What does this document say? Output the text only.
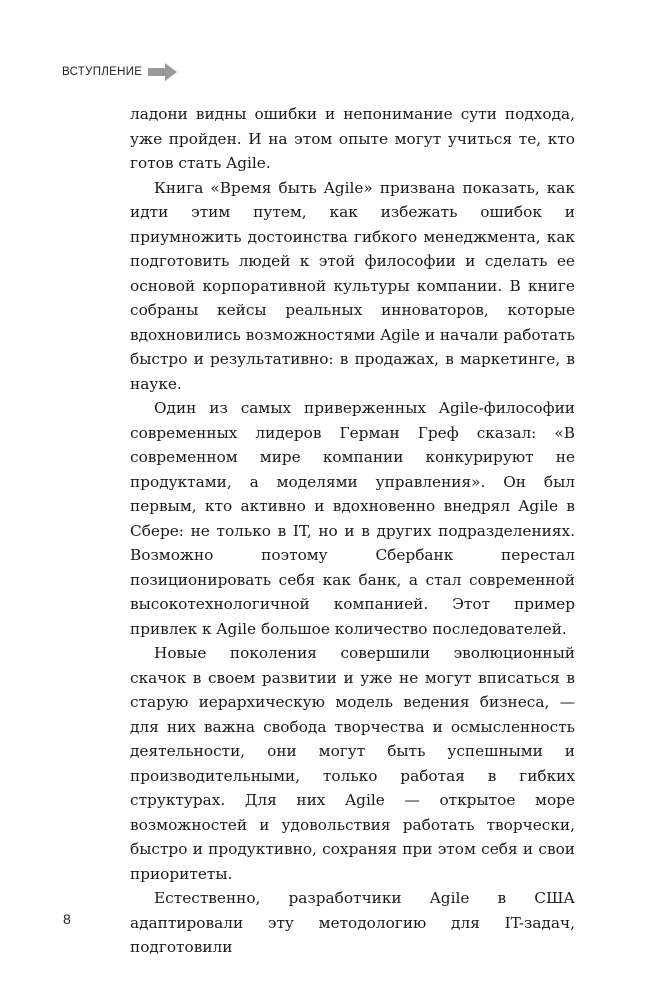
ВСТУПЛЕНИЕ

ладони видны ошибки и непонимание сути подхода, уже пройден. И на этом опыте могут учиться те, кто готов стать Agile.

Книга «Время быть Agile» призвана показать, как идти этим путем, как избежать ошибок и приумножить достоинства гибкого менеджмента, как подготовить людей к этой философии и сделать ее основой корпоративной культуры компании. В книге собраны кейсы реальных инноваторов, которые вдохновились возможностями Agile и начали работать быстро и результативно: в продажах, в маркетинге, в науке.

Один из самых приверженных Agile-философии современных лидеров Герман Греф сказал: «В современном мире компании конкурируют не продуктами, а моделями управления». Он был первым, кто активно и вдохновенно внедрял Agile в Сбере: не только в IT, но и в других подразделениях. Возможно поэтому Сбербанк перестал позиционировать себя как банк, а стал современной высокотехнологичной компанией. Этот пример привлек к Agile большое количество последователей.

Новые поколения совершили эволюционный скачок в своем развитии и уже не могут вписаться в старую иерархическую модель ведения бизнеса, — для них важна свобода творчества и осмысленность деятельности, они могут быть успешными и производительными, только работая в гибких структурах. Для них Agile — открытое море возможностей и удовольствия работать творчески, быстро и продуктивно, сохраняя при этом себя и свои приоритеты.

Естественно, разработчики Agile в США адаптировали эту методологию для IT-задач, подготовили

8
